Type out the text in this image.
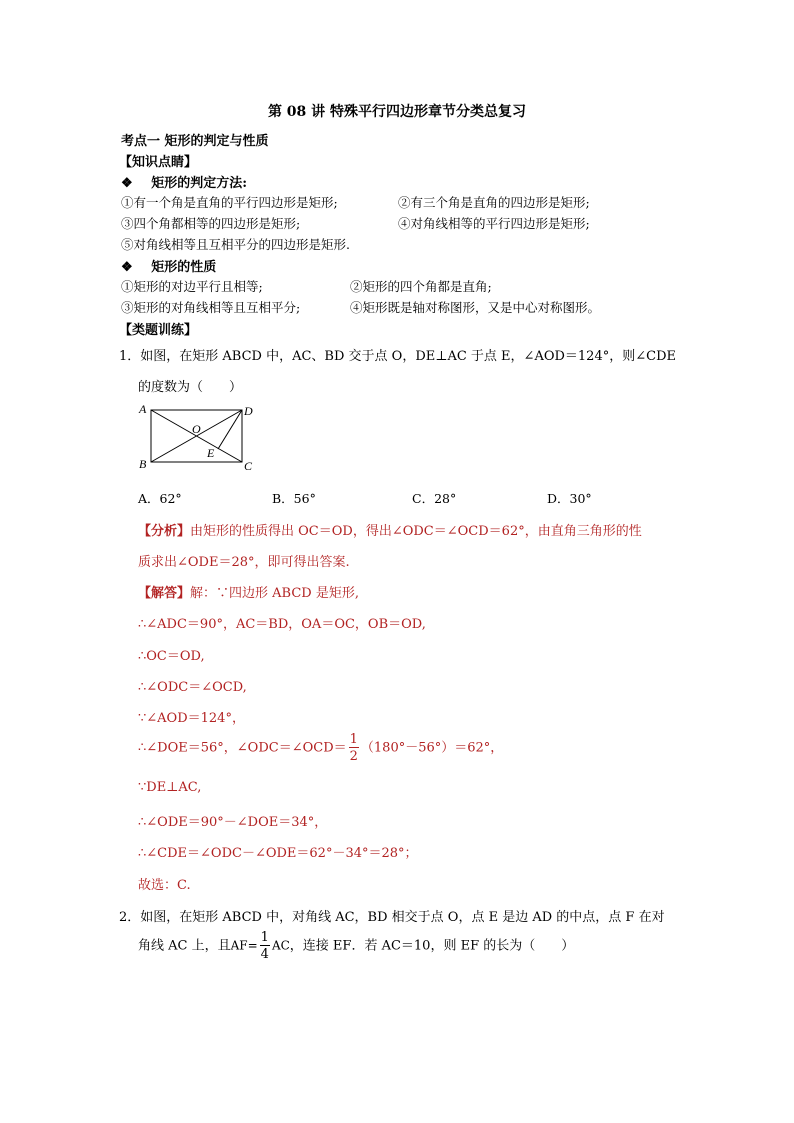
第 08 讲 特殊平行四边形章节分类总复习
考点一 矩形的判定与性质
【知识点睛】
❖ 矩形的判定方法:
①有一个角是直角的平行四边形是矩形;	②有三个角是直角的四边形是矩形;
③四个角都相等的四边形是矩形;	④对角线相等的平行四边形是矩形;
⑤对角线相等且互相平分的四边形是矩形.
❖ 矩形的性质
①矩形的对边平行且相等;	②矩形的四个角都是直角;
③矩形的对角线相等且互相平分;	④矩形既是轴对称图形，又是中心对称图形。
【类题训练】
1．如图，在矩形 ABCD 中，AC、BD 交于点 O，DE⊥AC 于点 E，∠AOD＝124°，则∠CDE
的度数为（　　）
A	D
B	C
O
E
A．62°	B．56°	C．28°	D．30°
【分析】由矩形的性质得出 OC＝OD，得出∠ODC＝∠OCD＝62°，由直角三角形的性
质求出∠ODE＝28°，即可得出答案.
【解答】解：∵四边形 ABCD 是矩形,
∴∠ADC＝90°，AC＝BD，OA＝OC，OB＝OD,
∴OC＝OD,
∴∠ODC＝∠OCD,
∵∠AOD＝124°，
∴∠DOE＝56°，∠ODC＝∠OCD＝ $\frac{1}{2} (180^\circ-56^\circ)=62^\circ$，
∵DE⊥AC,
∴∠ODE＝90°－∠DOE＝34°，
∴∠CDE＝∠ODC－∠ODE＝62°－34°＝28°；
故选：C.
2．如图，在矩形 ABCD 中，对角线 AC，BD 相交于点 O，点 E 是边 AD 的中点，点 F 在对
角线 AC 上，且$AF= \frac{1}{4}$ AC，连接 EF．若 AC＝10，则 EF 的长为（　　）
